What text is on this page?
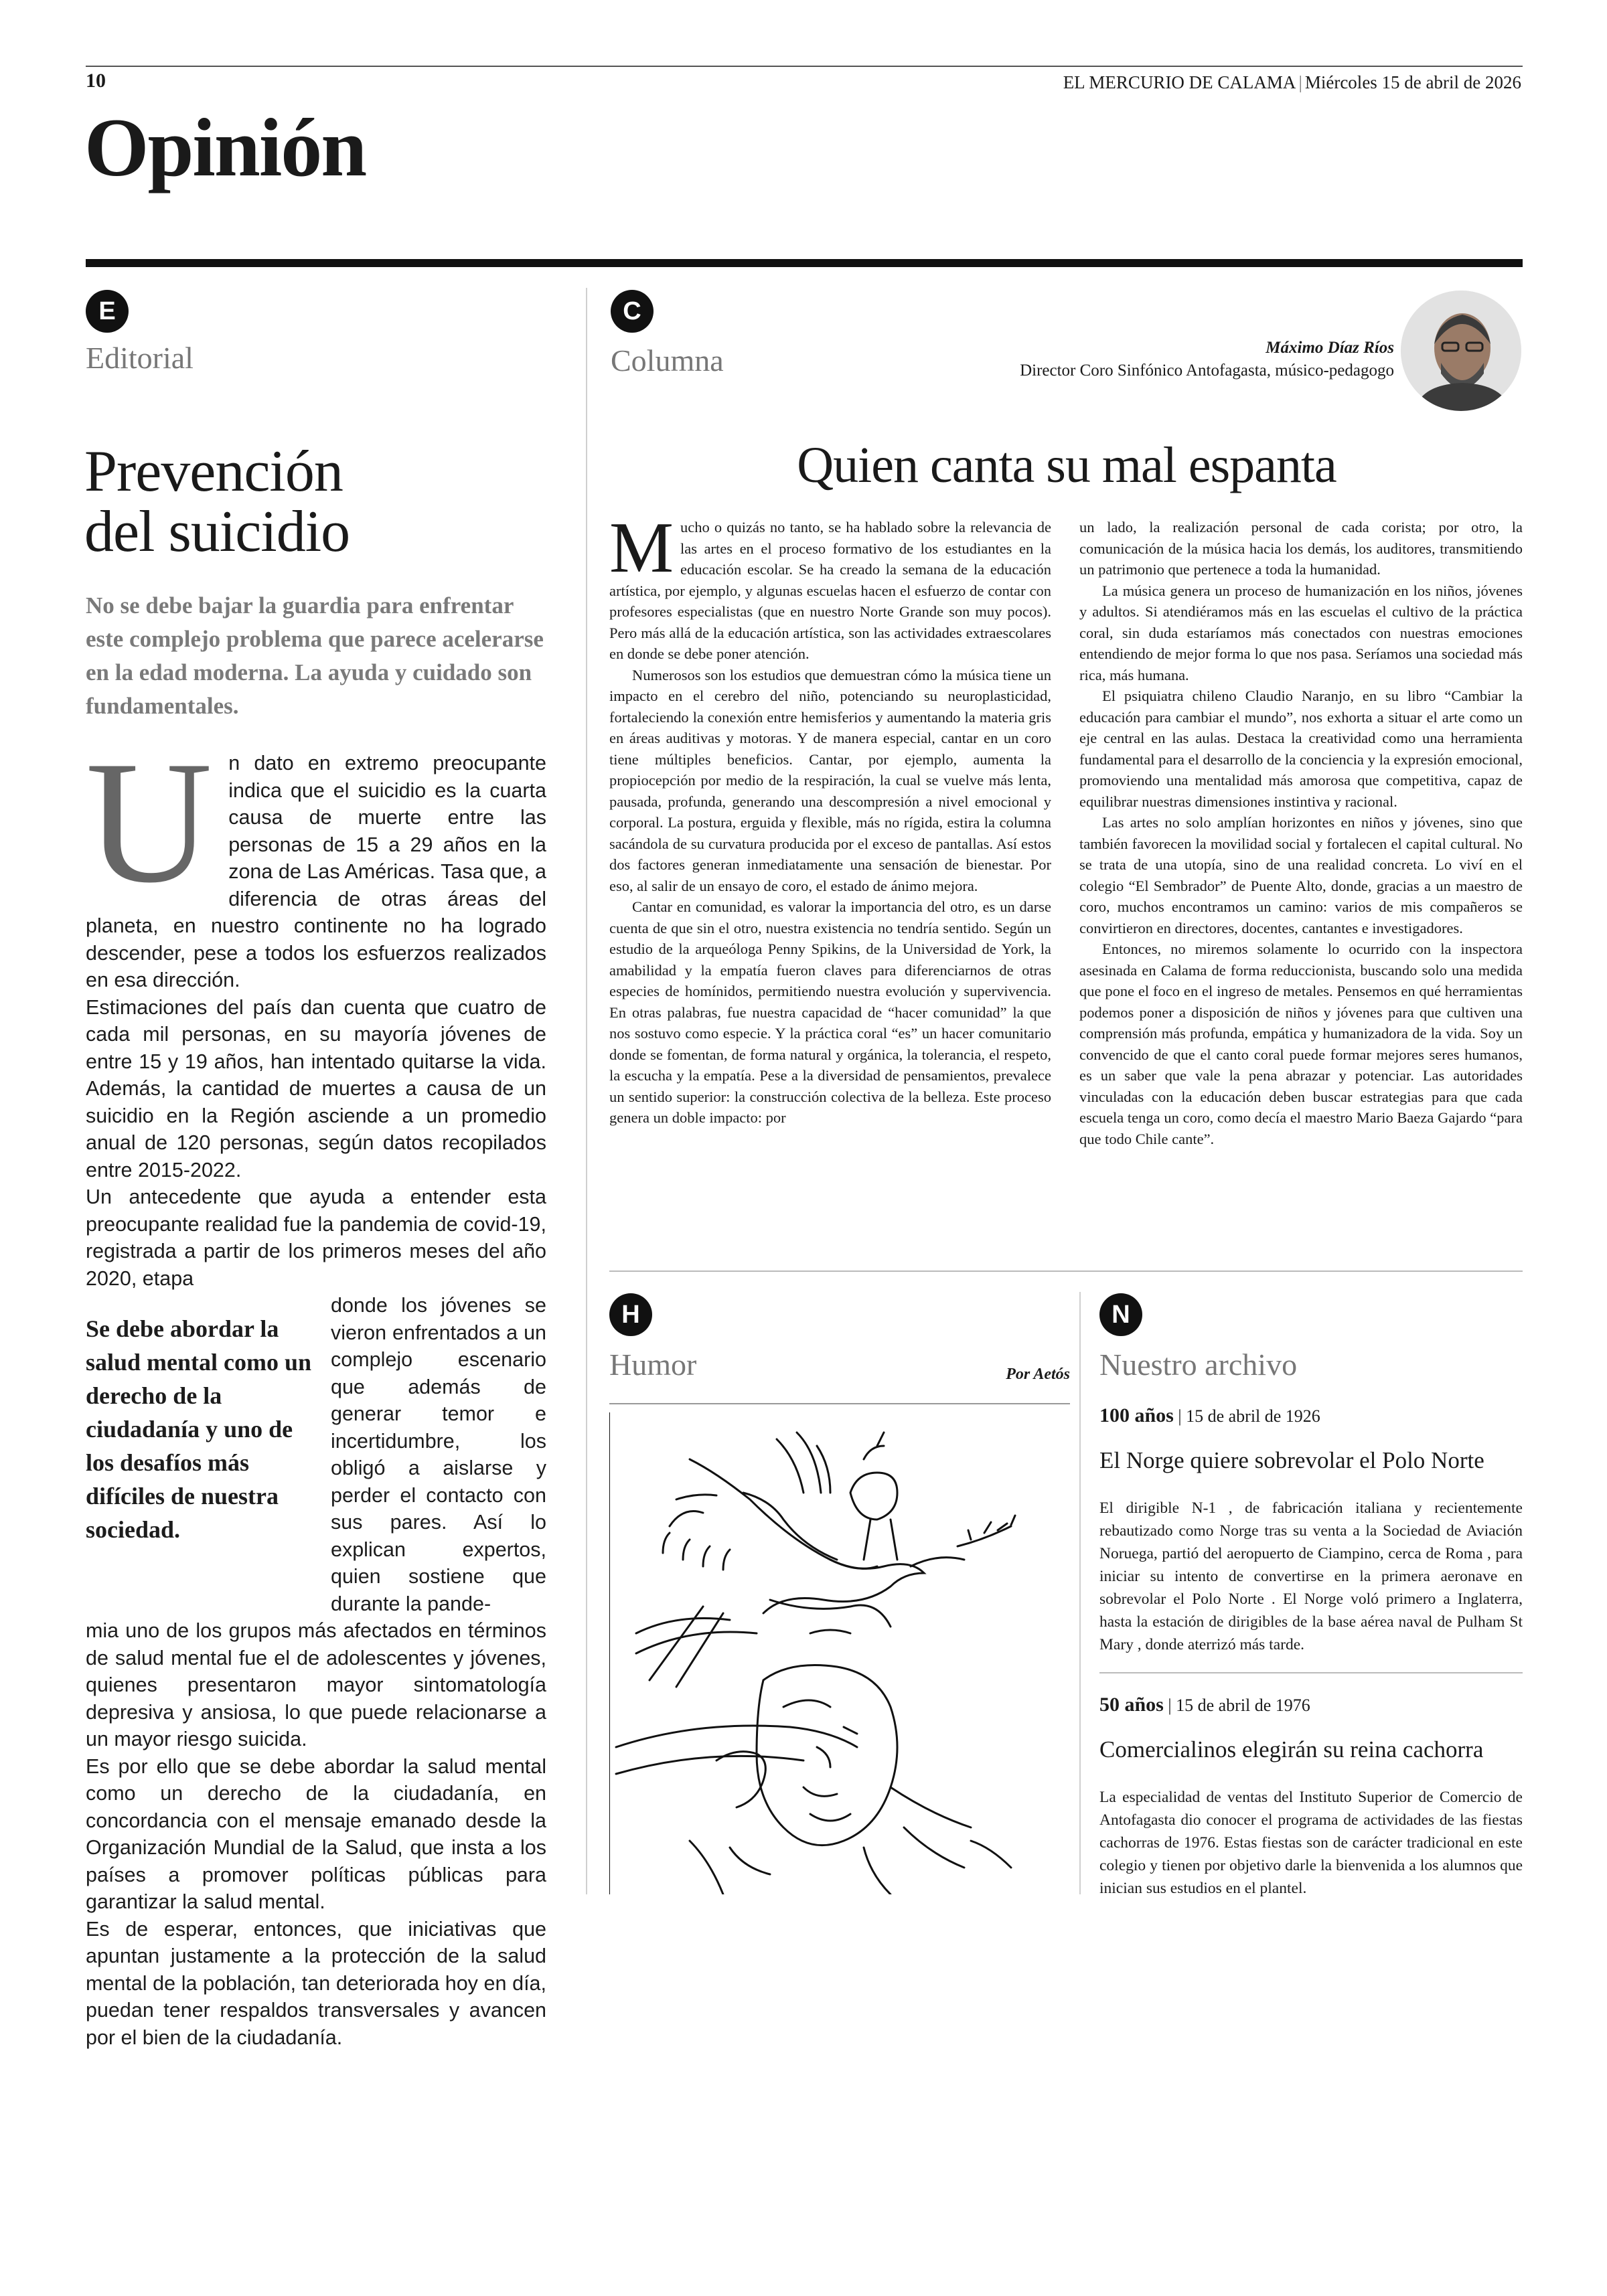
10	EL MERCURIO DE CALAMA | Miércoles 15 de abril de 2026
Opinión
E
Editorial
Prevención
del suicidio
No se debe bajar la guardia para enfrentar este complejo problema que parece acelerarse en la edad moderna. La ayuda y cuidado son fundamentales.

Un dato en extremo preocupante indica que el suicidio es la cuarta causa de muerte entre las personas de 15 a 29 años en la zona de Las Américas. Tasa que, a diferencia de otras áreas del planeta, en nuestro continente no ha logrado descender, pese a todos los esfuerzos realizados en esa dirección.

Estimaciones del país dan cuenta que cuatro de cada mil personas, en su mayoría jóvenes de entre 15 y 19 años, han intentado quitarse la vida. Además, la cantidad de muertes a causa de un suicidio en la Región asciende a un promedio anual de 120 personas, según datos recopilados entre 2015-2022.

Un antecedente que ayuda a entender esta preocupante realidad fue la pandemia de covid-19, registrada a partir de los primeros meses del año 2020, etapa

Se debe abordar la salud mental como un derecho de la ciudadanía y uno de los desafíos más difíciles de nuestra sociedad.
donde los jóvenes se vieron enfrentados a un complejo escenario que además de generar temor e incertidumbre, los obligó a aislarse y perder el contacto con sus pares. Así lo explican expertos, quien sostiene que durante la pande-

mia uno de los grupos más afectados en términos de salud mental fue el de adolescentes y jóvenes, quienes presentaron mayor sintomatología depresiva y ansiosa, lo que puede relacionarse a un mayor riesgo suicida.

Es por ello que se debe abordar la salud mental como un derecho de la ciudadanía, en concordancia con el mensaje emanado desde la Organización Mundial de la Salud, que insta a los países a promover políticas públicas para garantizar la salud mental.

Es de esperar, entonces, que iniciativas que apuntan justamente a la protección de la salud mental de la población, tan deteriorada hoy en día, puedan tener respaldos transversales y avancen por el bien de la ciudadanía.

C
Columna	Máximo Díaz Ríos
Director Coro Sinfónico Antofagasta, músico-pedagogo
Quien canta su mal espanta

Mucho o quizás no tanto, se ha hablado sobre la relevancia de las artes en el proceso formativo de los estudiantes en la educación escolar. Se ha creado la semana de la educación artística, por ejemplo, y algunas escuelas hacen el esfuerzo de contar con profesores especialistas (que en nuestro Norte Grande son muy pocos). Pero más allá de la educación artística, son las actividades extraescolares en donde se debe poner atención.

Numerosos son los estudios que demuestran cómo la música tiene un impacto en el cerebro del niño, potenciando su neuroplasticidad, fortaleciendo la conexión entre hemisferios y aumentando la materia gris en áreas auditivas y motoras. Y de manera especial, cantar en un coro tiene múltiples beneficios. Cantar, por ejemplo, aumenta la propiocepción por medio de la respiración, la cual se vuelve más lenta, pausada, profunda, generando una descompresión a nivel emocional y corporal. La postura, erguida y flexible, más no rígida, estira la columna sacándola de su curvatura producida por el exceso de pantallas. Así estos dos factores generan inmediatamente una sensación de bienestar. Por eso, al salir de un ensayo de coro, el estado de ánimo mejora.

Cantar en comunidad, es valorar la importancia del otro, es un darse cuenta de que sin el otro, nuestra existencia no tendría sentido. Según un estudio de la arqueóloga Penny Spikins, de la Universidad de York, la amabilidad y la empatía fueron claves para diferenciarnos de otras especies de homínidos, permitiendo nuestra evolución y supervivencia. En otras palabras, fue nuestra capacidad de “hacer comunidad” la que nos sostuvo como especie. Y la práctica coral “es” un hacer comunitario donde se fomentan, de forma natural y orgánica, la tolerancia, el respeto, la escucha y la empatía. Pese a la diversidad de pensamientos, prevalece un sentido superior: la construcción colectiva de la belleza. Este proceso genera un doble impacto: por

un lado, la realización personal de cada corista; por otro, la comunicación de la música hacia los demás, los auditores, transmitiendo un patrimonio que pertenece a toda la humanidad.

La música genera un proceso de humanización en los niños, jóvenes y adultos. Si atendiéramos más en las escuelas el cultivo de la práctica coral, sin duda estaríamos más conectados con nuestras emociones entendiendo de mejor forma lo que nos pasa. Seríamos una sociedad más rica, más humana.

El psiquiatra chileno Claudio Naranjo, en su libro “Cambiar la educación para cambiar el mundo”, nos exhorta a situar el arte como un eje central en las aulas. Destaca la creatividad como una herramienta fundamental para el desarrollo de la conciencia y la expresión emocional, promoviendo una mentalidad más amorosa que competitiva, capaz de equilibrar nuestras dimensiones instintiva y racional.

Las artes no solo amplían horizontes en niños y jóvenes, sino que también favorecen la movilidad social y fortalecen el capital cultural. No se trata de una utopía, sino de una realidad concreta. Lo viví en el colegio “El Sembrador” de Puente Alto, donde, gracias a un maestro de coro, muchos encontramos un camino: varios de mis compañeros se convirtieron en directores, docentes, cantantes e investigadores.

Entonces, no miremos solamente lo ocurrido con la inspectora asesinada en Calama de forma reduccionista, buscando solo una medida que pone el foco en el ingreso de metales. Pensemos en qué herramientas podemos poner a disposición de niños y jóvenes para que cultiven una comprensión más profunda, empática y humanizadora de la vida. Soy un convencido de que el canto coral puede formar mejores seres humanos, es un saber que vale la pena abrazar y potenciar. Las autoridades vinculadas con la educación deben buscar estrategias para que cada escuela tenga un coro, como decía el maestro Mario Baeza Gajardo “para que todo Chile cante”.

H
Humor	Por Aetós
N
Nuestro archivo
100 años | 15 de abril de 1926
El Norge quiere sobrevolar el Polo Norte
El dirigible N-1 , de fabricación italiana y recientemente rebautizado como Norge tras su venta a la Sociedad de Aviación Noruega, partió del aeropuerto de Ciampino, cerca de Roma , para iniciar su intento de convertirse en la primera aeronave en sobrevolar el Polo Norte . El Norge voló primero a Inglaterra, hasta la estación de dirigibles de la base aérea naval de Pulham St Mary , donde aterrizó más tarde.
50 años | 15 de abril de 1976
Comercialinos elegirán su reina cachorra
La especialidad de ventas del Instituto Superior de Comercio de Antofagasta dio conocer el programa de actividades de las fiestas cachorras de 1976. Estas fiestas son de carácter tradicional en este colegio y tienen por objetivo darle la bienvenida a los alumnos que inician sus estudios en el plantel.
